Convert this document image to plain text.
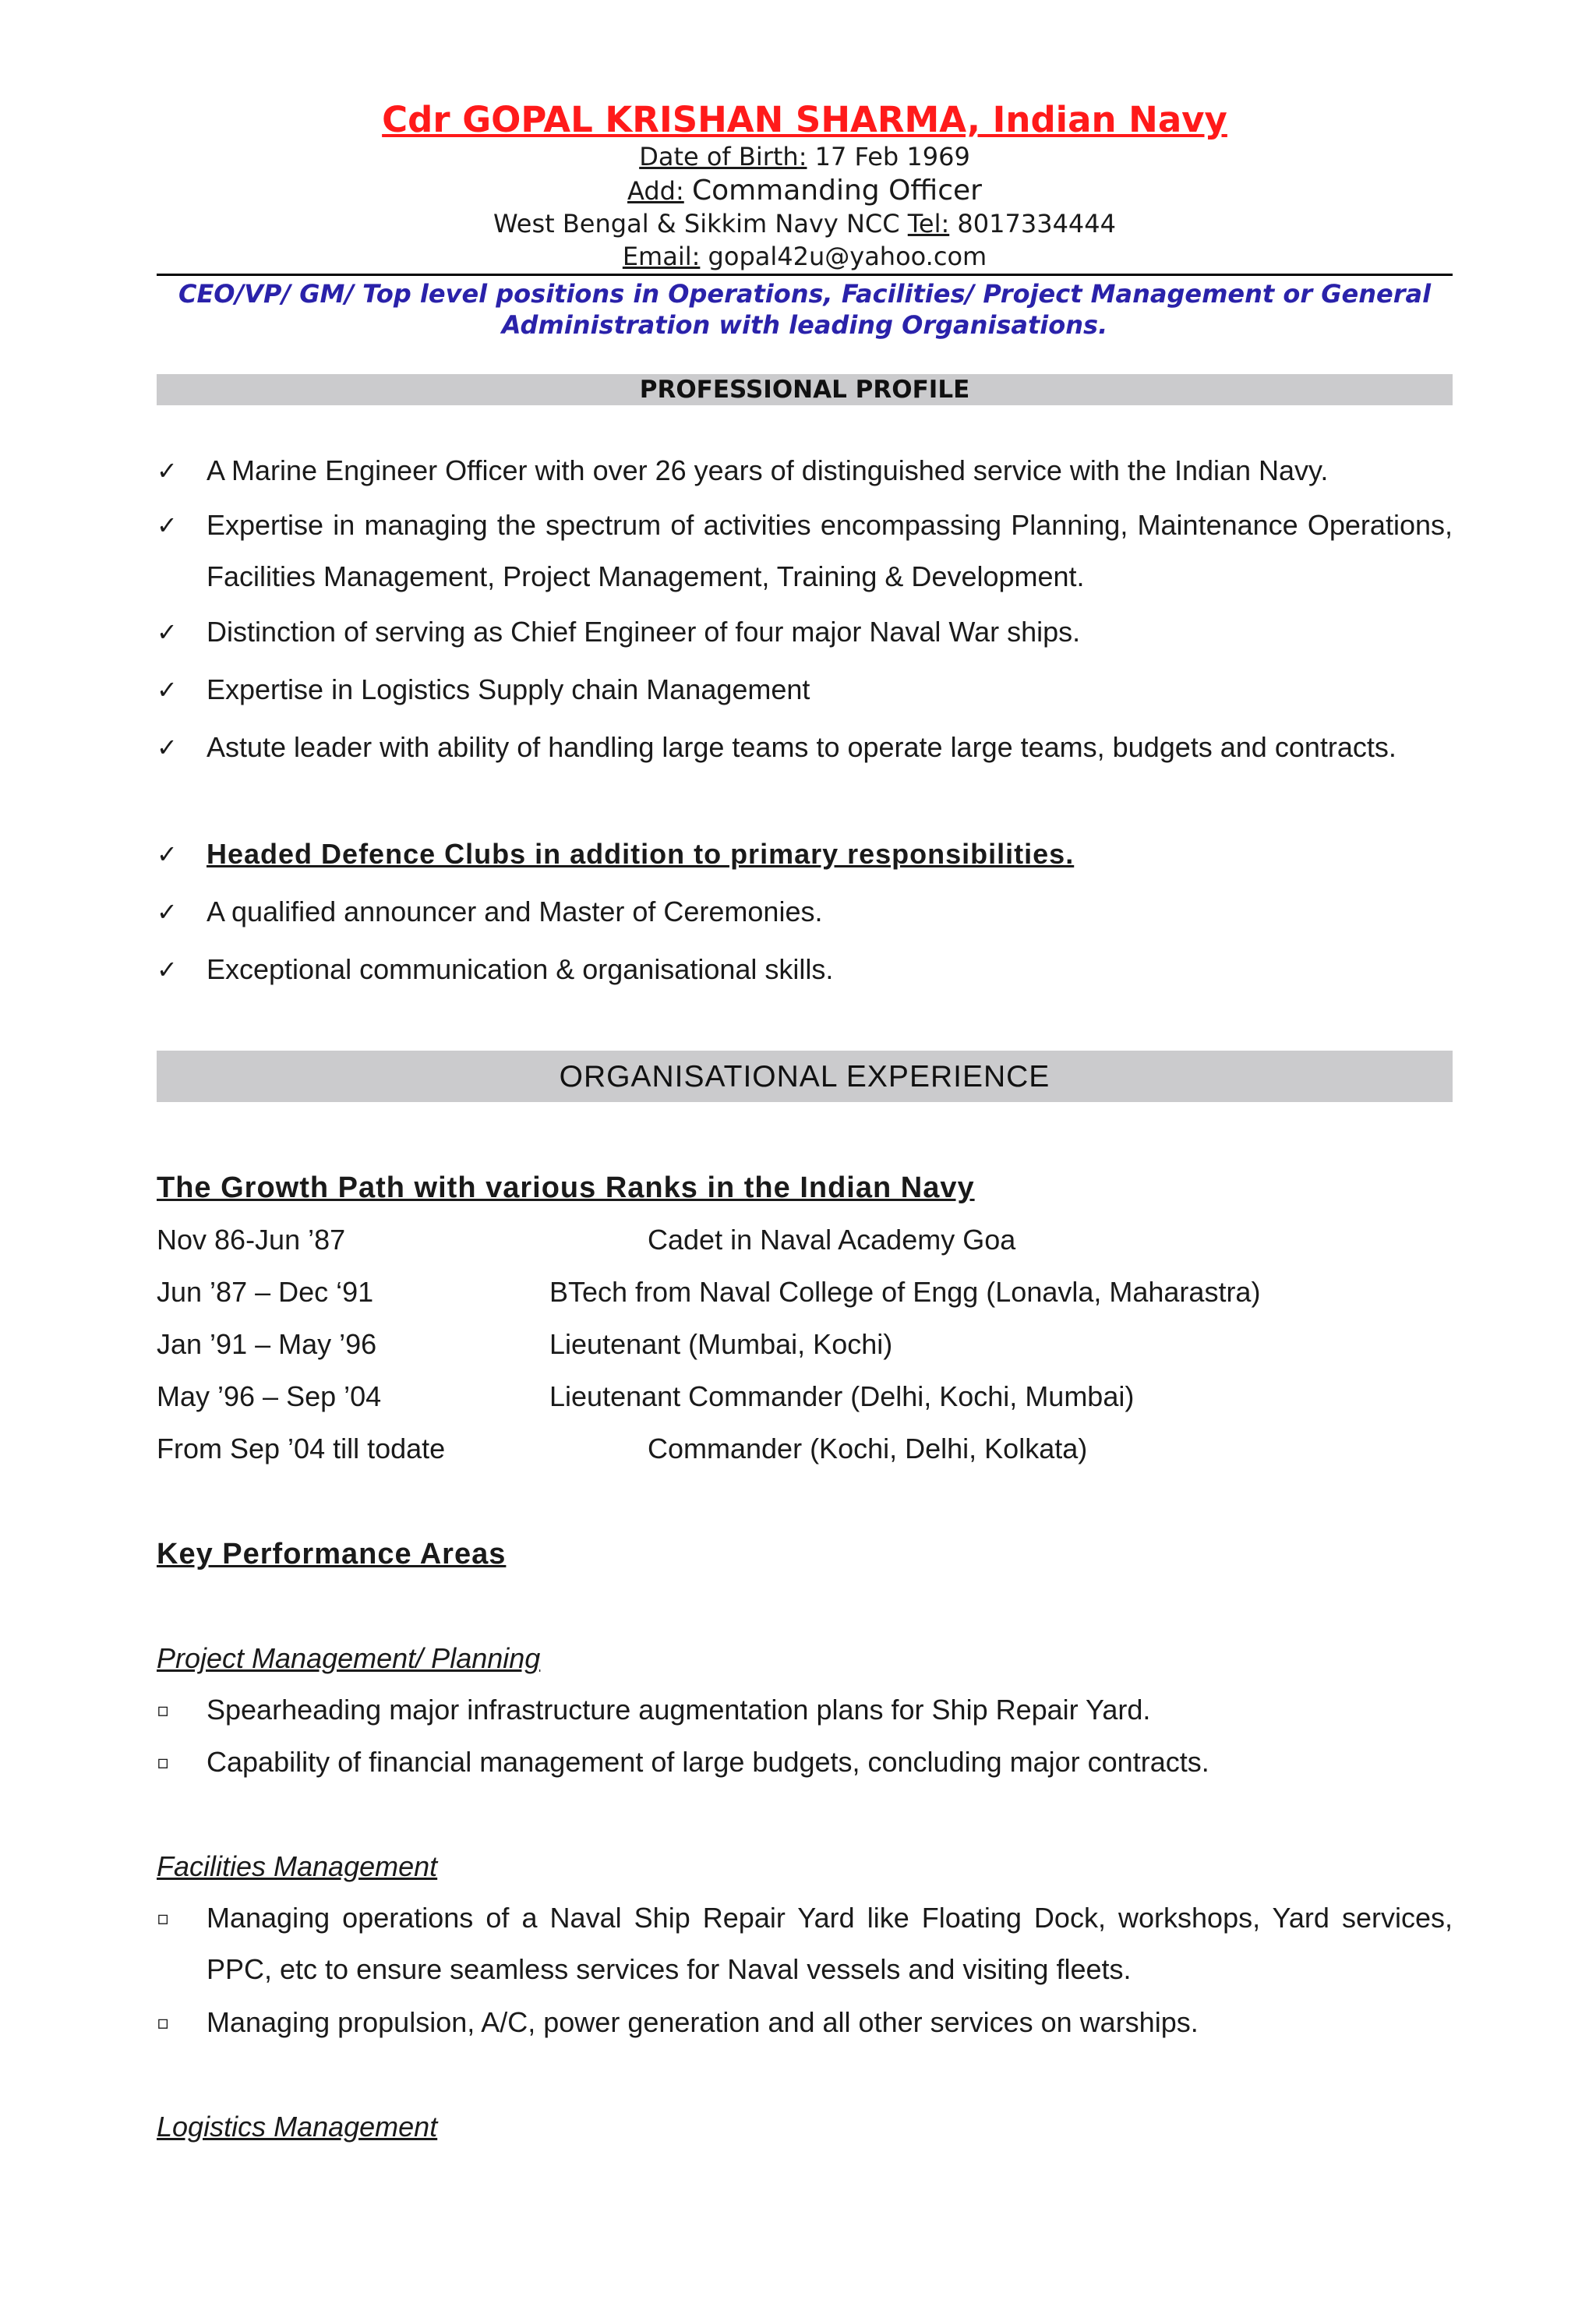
Cdr GOPAL KRISHAN SHARMA, Indian Navy
Date of Birth: 17 Feb 1969
Add: Commanding Officer
West Bengal & Sikkim Navy NCC Tel: 8017334444
Email: gopal42u@yahoo.com
CEO/VP/ GM/ Top level positions in Operations, Facilities/ Project Management or General
Administration with leading Organisations.
PROFESSIONAL PROFILE
✓	A Marine Engineer Officer with over 26 years of distinguished service with the Indian Navy.
✓	Expertise in managing the spectrum of activities encompassing Planning, Maintenance Operations, Facilities Management, Project Management, Training & Development.
✓	Distinction of serving as Chief Engineer of four major Naval War ships.
✓	Expertise in Logistics Supply chain Management
✓	Astute leader with ability of handling large teams to operate large teams, budgets and contracts.
✓	Headed Defence Clubs in addition to primary responsibilities.
✓	A qualified announcer and Master of Ceremonies.
✓	Exceptional communication & organisational skills.
ORGANISATIONAL EXPERIENCE
The Growth Path with various Ranks in the Indian Navy
Nov 86-Jun ’87	Cadet in Naval Academy Goa
Jun ’87 – Dec ‘91	BTech from Naval College of Engg (Lonavla, Maharastra)
Jan ’91 – May ’96	Lieutenant (Mumbai, Kochi)
May ’96 – Sep ’04	Lieutenant Commander (Delhi, Kochi, Mumbai)
From Sep ’04 till todate	Commander (Kochi, Delhi, Kolkata)
Key Performance Areas
Project Management/ Planning
▫	Spearheading major infrastructure augmentation plans for Ship Repair Yard.
▫	Capability of financial management of large budgets, concluding major contracts.
Facilities Management
▫	Managing operations of a Naval Ship Repair Yard like Floating Dock, workshops, Yard services, PPC, etc to ensure seamless services for Naval vessels and visiting fleets.
▫	Managing propulsion, A/C, power generation and all other services on warships.
Logistics Management
